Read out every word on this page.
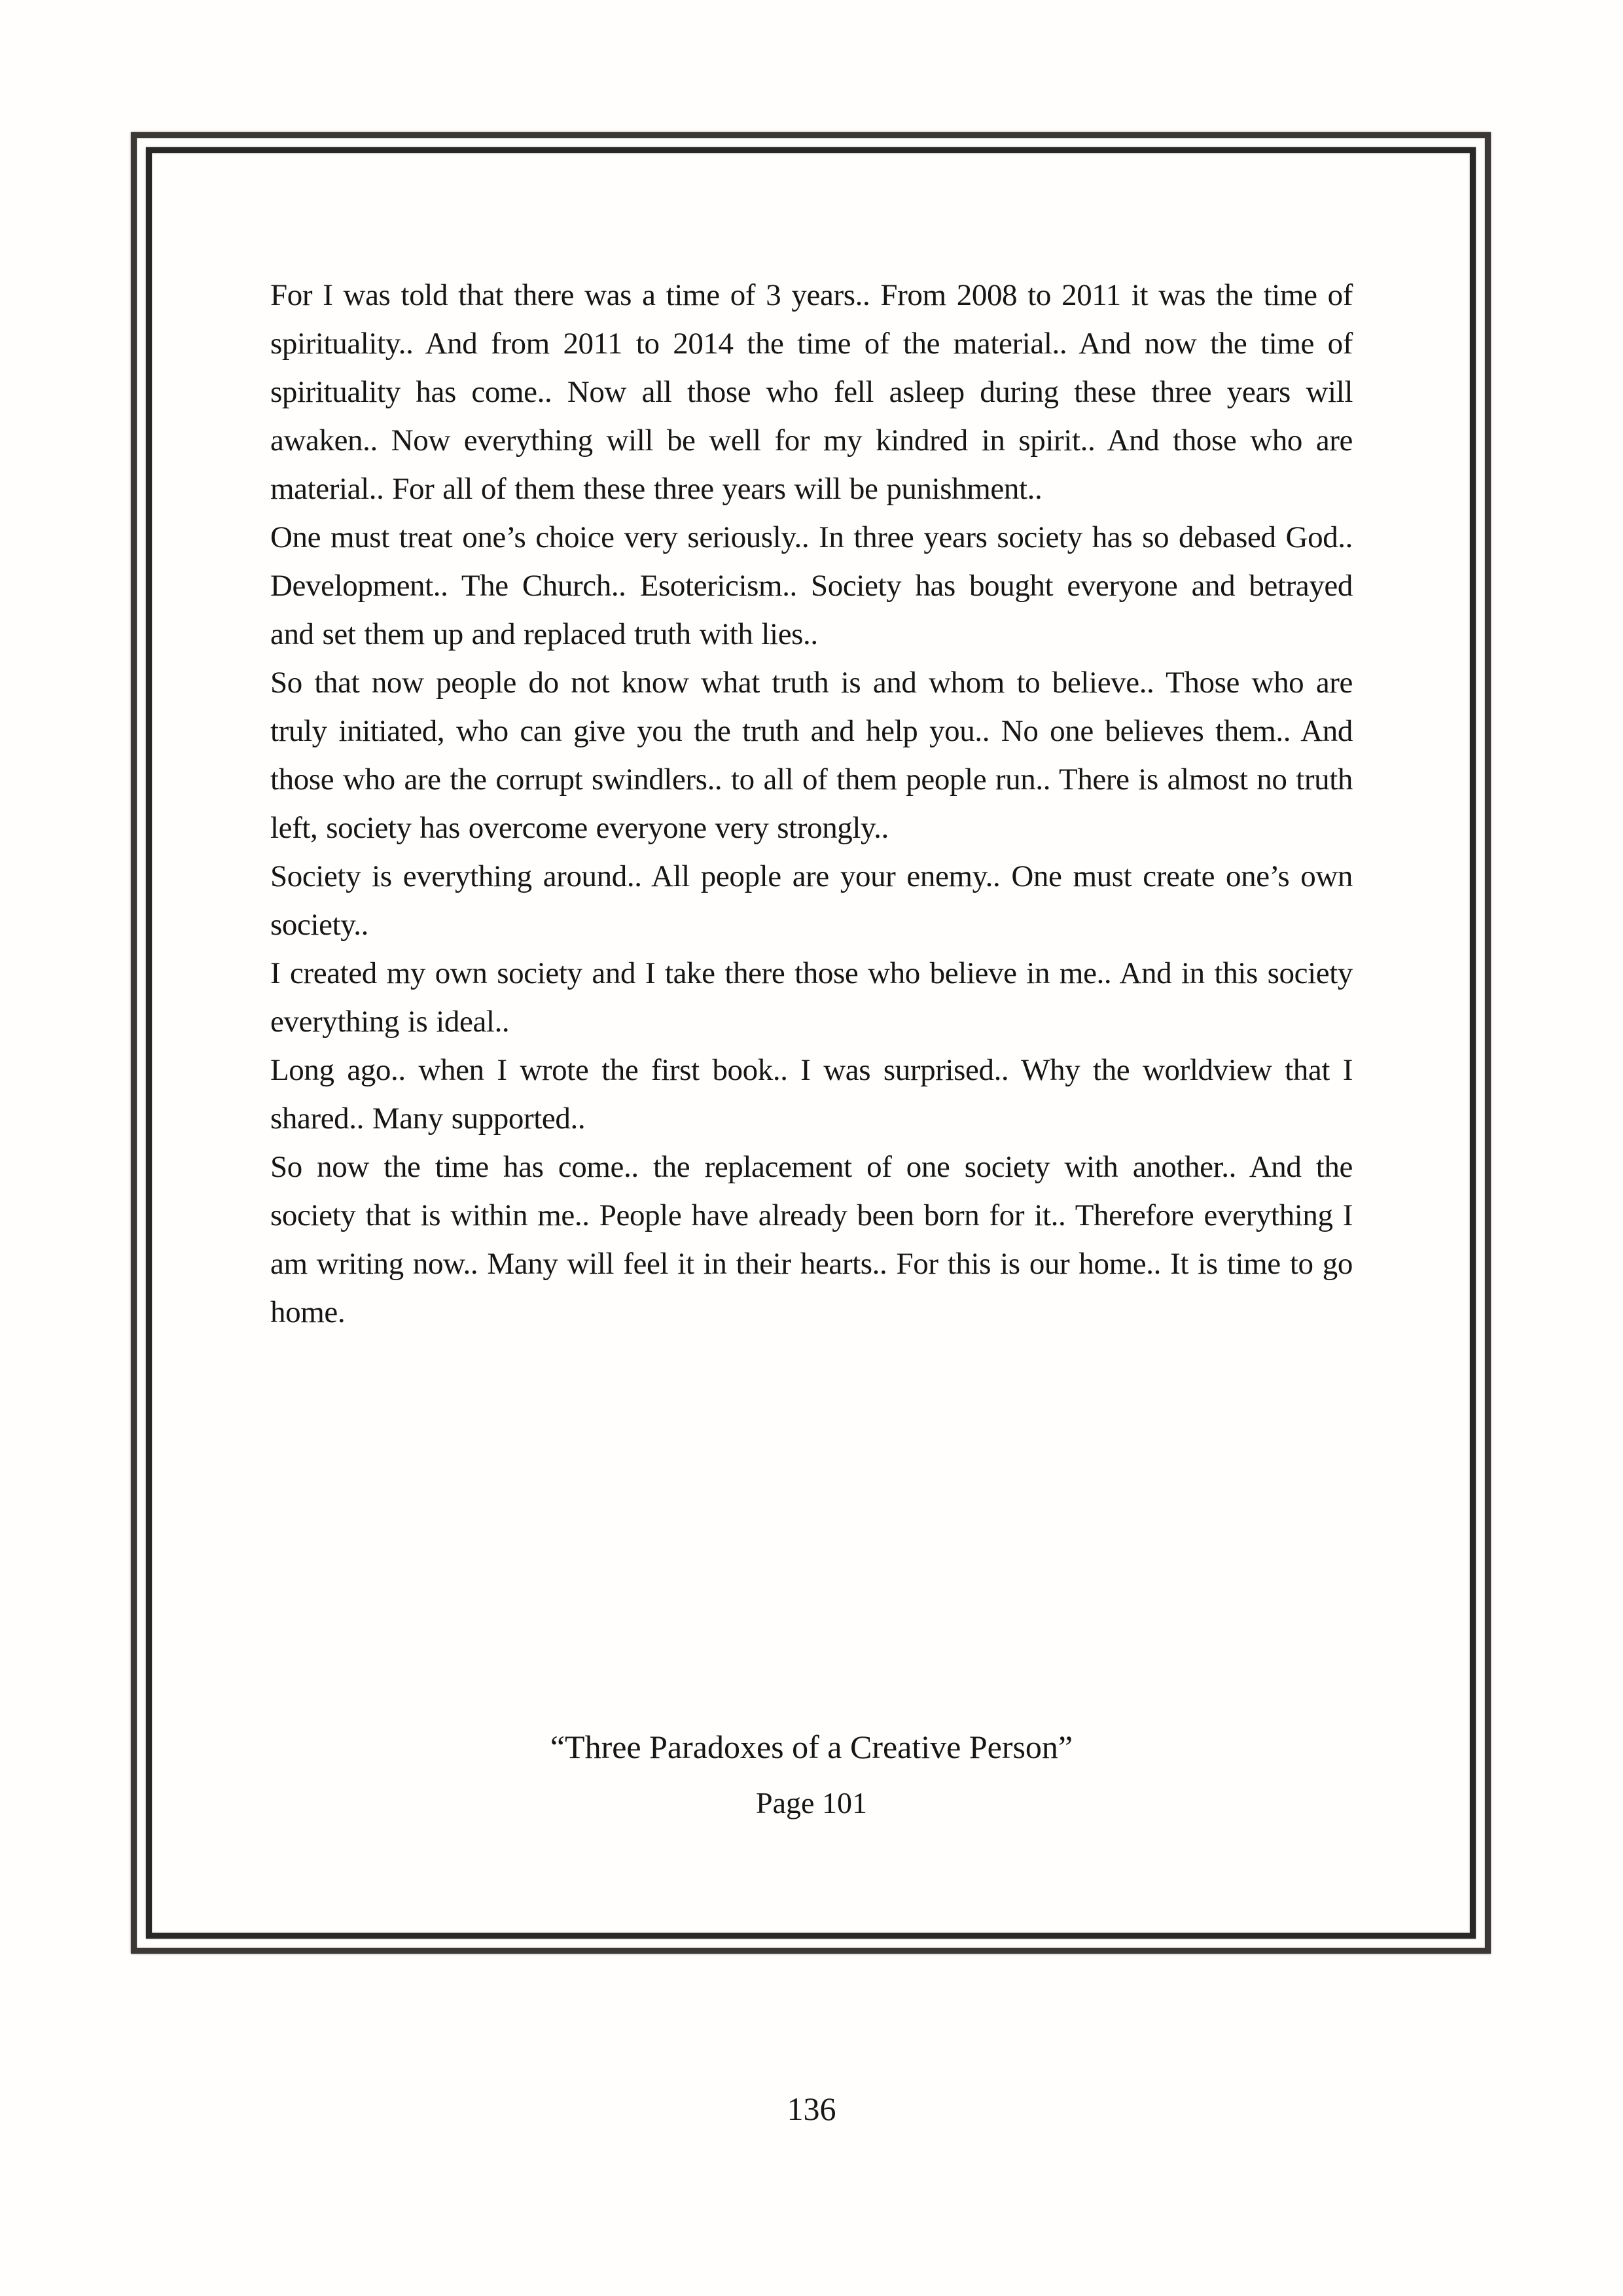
For I was told that there was a time of 3 years.. From 2008 to 2011 it was the time of spirituality.. And from 2011 to 2014 the time of the material.. And now the time of spirituality has come.. Now all those who fell asleep during these three years will awaken.. Now everything will be well for my kindred in spirit.. And those who are material.. For all of them these three years will be punishment..

One must treat one’s choice very seriously.. In three years society has so debased God.. Development.. The Church.. Esotericism.. Society has bought everyone and betrayed and set them up and replaced truth with lies..

So that now people do not know what truth is and whom to believe.. Those who are truly initiated, who can give you the truth and help you.. No one believes them.. And those who are the corrupt swindlers.. to all of them people run.. There is almost no truth left, society has overcome everyone very strongly..

Society is everything around.. All people are your enemy.. One must create one’s own society..

I created my own society and I take there those who believe in me.. And in this society everything is ideal..

Long ago.. when I wrote the first book.. I was surprised.. Why the worldview that I shared.. Many supported..

So now the time has come.. the replacement of one society with another.. And the society that is within me.. People have already been born for it.. Therefore everything I am writing now.. Many will feel it in their hearts.. For this is our home.. It is time to go home.

“Three Paradoxes of a Creative Person”
Page 101
136
